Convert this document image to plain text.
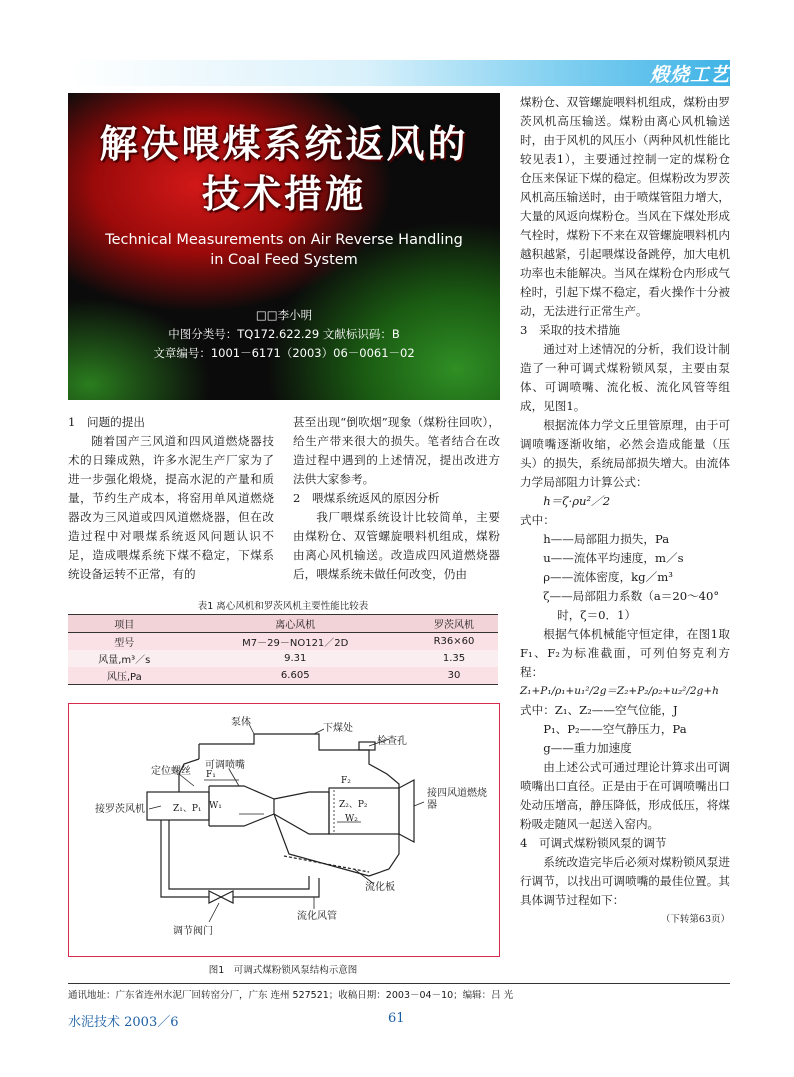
煅烧工艺
解决喂煤系统返风的
技术措施
Technical Measurements on Air Reverse Handling
in Coal Feed System
□□李小明
中图分类号：TQ172.622.29 文献标识码：B
文章编号：1001－6171（2003）06－0061－02

1　问题的提出

随着国产三风道和四风道燃烧器技术的日臻成熟，许多水泥生产厂家为了进一步强化煅烧，提高水泥的产量和质量，节约生产成本，将窑用单风道燃烧器改为三风道或四风道燃烧器，但在改造过程中对喂煤系统返风问题认识不足，造成喂煤系统下煤不稳定，下煤系统设备运转不正常，有的

甚至出现“倒吹烟”现象（煤粉往回吹），给生产带来很大的损失。笔者结合在改造过程中遇到的上述情况，提出改进方法供大家参考。

2　喂煤系统返风的原因分析

我厂喂煤系统设计比较简单，主要由煤粉仓、双管螺旋喂料机组成，煤粉由离心风机输送。改造成四风道燃烧器后，喂煤系统未做任何改变，仍由

表1 离心风机和罗茨风机主要性能比较表
项目	离心风机	罗茨风机
型号	M7－29－NO121／2D	R36×60
风量,m³／s	9.31	1.35
风压,Pa	6.605	30
泵体
下煤处
检查孔
定位螺丝
可调喷嘴
F₁
接罗茨风机	Z₁、P₁ W₁
F₂
Z₂、P₂
W₂
接四风道燃烧器
流化板
流化风管
调节阀门
图1　可调式煤粉锁风泵结构示意图

煤粉仓、双管螺旋喂料机组成，煤粉由罗茨风机高压输送。煤粉由离心风机输送时，由于风机的风压小（两种风机性能比较见表1），主要通过控制一定的煤粉仓仓压来保证下煤的稳定。但煤粉改为罗茨风机高压输送时，由于喷煤管阻力增大，大量的风返向煤粉仓。当风在下煤处形成气栓时，煤粉下不来在双管螺旋喂料机内越积越紧，引起喂煤设备跳停，加大电机功率也未能解决。当风在煤粉仓内形成气栓时，引起下煤不稳定，看火操作十分被动，无法进行正常生产。

3　采取的技术措施

通过对上述情况的分析，我们设计制造了一种可调式煤粉锁风泵，主要由泵体、可调喷嘴、流化板、流化风管等组成，见图1。

根据流体力学文丘里管原理，由于可调喷嘴逐渐收缩，必然会造成能量（压头）的损失，系统局部损失增大。由流体力学局部阻力计算公式：

h＝ζ·ρu²／2

式中：

h——局部阻力损失，Pa

u——流体平均速度，m／s

ρ——流体密度，kg／m³

ζ——局部阻力系数（a＝20～40°

时，ζ＝0．1）

根据气体机械能守恒定律，在图1取F₁、F₂为标准截面，可列伯努克利方程：

Z₁+P₁/ρ₁+u₁²/2g＝Z₂+P₂/ρ₂+u₂²/2g+h

式中：Z₁、Z₂——空气位能，J

P₁、P₂——空气静压力，Pa

g——重力加速度

由上述公式可通过理论计算求出可调喷嘴出口直径。正是由于在可调喷嘴出口处动压增高，静压降低，形成低压，将煤粉吸走随风一起送入窑内。

4　可调式煤粉锁风泵的调节

系统改造完毕后必须对煤粉锁风泵进行调节，以找出可调喷嘴的最佳位置。其具体调节过程如下：

（下转第63页）

通讯地址：广东省连州水泥厂回转窑分厂，广东 连州 527521；收稿日期：2003－04－10；编辑：吕 光
水泥技术 2003／6	61
